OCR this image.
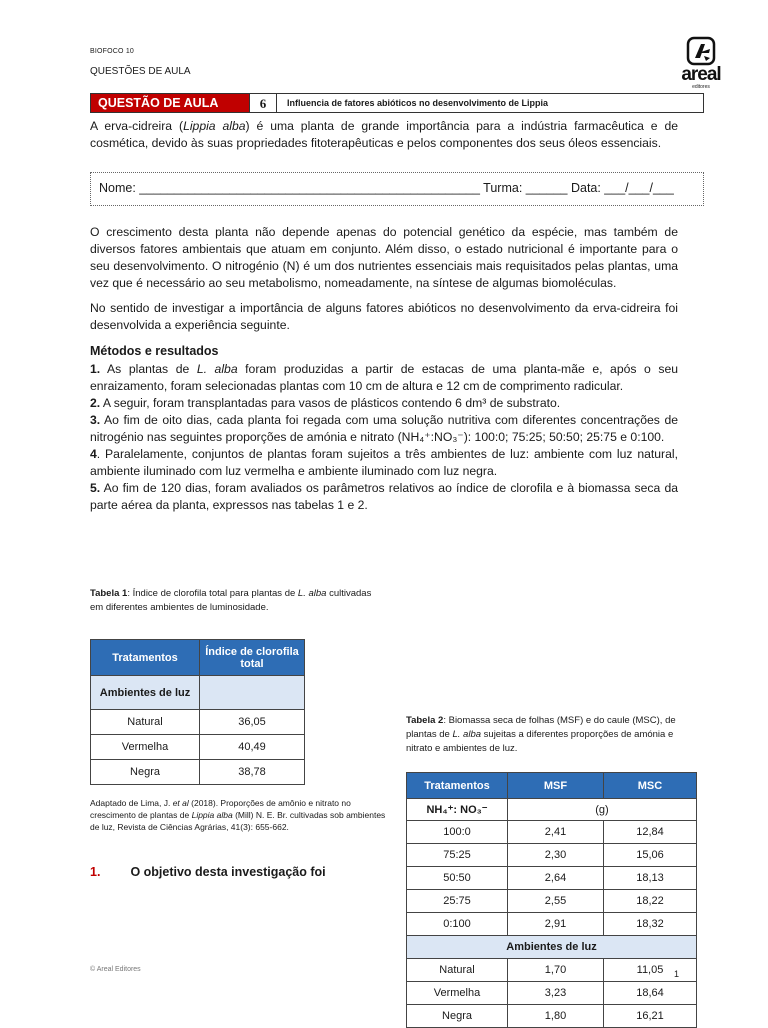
BIOFOCO 10
QUESTÕES DE AULA	areal
editores
QUESTÃO DE AULA	6	Influencia de fatores abióticos no desenvolvimento de Lippia
A erva-cidreira (Lippia alba) é uma planta de grande importância para a indústria farmacêutica e de cosmética, devido às suas propriedades fitoterapêuticas e pelos componentes dos seus óleos essenciais.
Nome: _________________________________________________ Turma: ______ Data: ___/___/___
O crescimento desta planta não depende apenas do potencial genético da espécie, mas também de diversos fatores ambientais que atuam em conjunto. Além disso, o estado nutricional é importante para o seu desenvolvimento. O nitrogénio (N) é um dos nutrientes essenciais mais requisitados pelas plantas, uma vez que é necessário ao seu metabolismo, nomeadamente, na síntese de algumas biomoléculas.
No sentido de investigar a importância de alguns fatores abióticos no desenvolvimento da erva-cidreira foi desenvolvida a experiência seguinte.
Métodos e resultados
1. As plantas de L. alba foram produzidas a partir de estacas de uma planta-mãe e, após o seu enraizamento, foram selecionadas plantas com 10 cm de altura e 12 cm de comprimento radicular.
2. A seguir, foram transplantadas para vasos de plásticos contendo 6 dm³ de substrato.
3. Ao fim de oito dias, cada planta foi regada com uma solução nutritiva com diferentes concentrações de nitrogénio nas seguintes proporções de amónia e nitrato (NH₄⁺:NO₃⁻): 100:0; 75:25; 50:50; 25:75 e 0:100.
4. Paralelamente, conjuntos de plantas foram sujeitos a três ambientes de luz: ambiente com luz natural, ambiente iluminado com luz vermelha e ambiente iluminado com luz negra.
5. Ao fim de 120 dias, foram avaliados os parâmetros relativos ao índice de clorofila e à biomassa seca da parte aérea da planta, expressos nas tabelas 1 e 2.
Tabela 1: Índice de clorofila total para plantas de L. alba cultivadas em diferentes ambientes de luminosidade.
Tratamentos	Índice de clorofila total
Ambientes de luz	
Natural	36,05
Vermelha	40,49
Negra	38,78
Adaptado de Lima, J. et al (2018). Proporções de amônio e nitrato no crescimento de plantas de Lippia alba (Mill) N. E. Br. cultivadas sob ambientes de luz, Revista de Ciências Agrárias, 41(3): 655-662.
1. O objetivo desta investigação foi
Tabela 2: Biomassa seca de folhas (MSF) e do caule (MSC), de plantas de L. alba sujeitas a diferentes proporções de amónia e nitrato e ambientes de luz.
Tratamentos	MSF	MSC
NH₄⁺: NO₃⁻	(g)	
100:0	2,41	12,84
75:25	2,30	15,06
50:50	2,64	18,13
25:75	2,55	18,22
0:100	2,91	18,32
Ambientes de luz		
Natural	1,70	11,05
Vermelha	3,23	18,64
Negra	1,80	16,21
© Areal Editores	1
